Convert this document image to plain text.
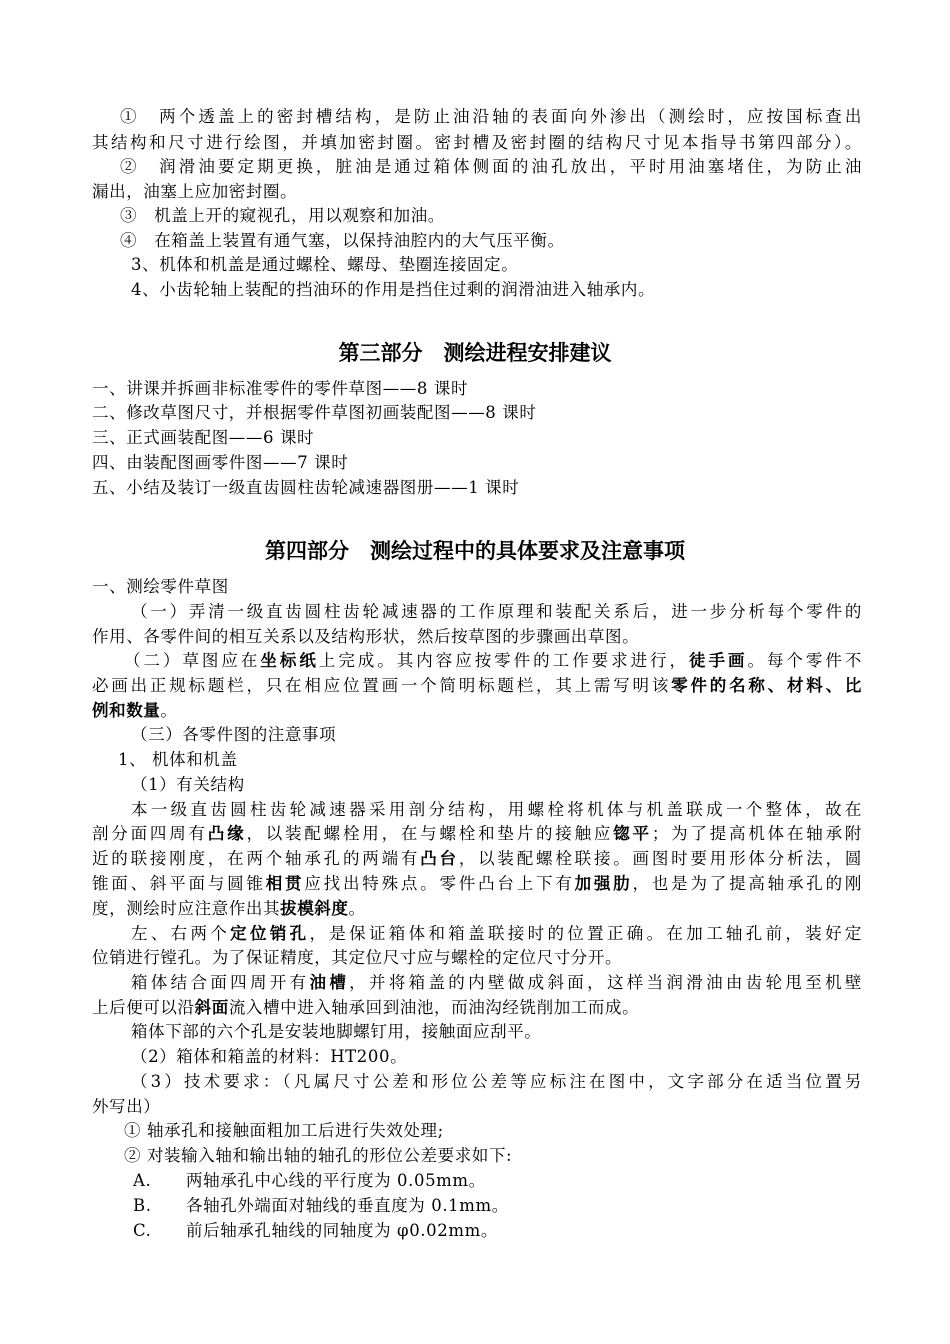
①　两个透盖上的密封槽结构，是防止油沿轴的表面向外渗出（测绘时，应按国标查出
其结构和尺寸进行绘图，并填加密封圈。密封槽及密封圈的结构尺寸见本指导书第四部分）。
②　润滑油要定期更换，脏油是通过箱体侧面的油孔放出，平时用油塞堵住，为防止油
漏出，油塞上应加密封圈。
③　机盖上开的窥视孔，用以观察和加油。
④　在箱盖上装置有通气塞，以保持油腔内的大气压平衡。
3、机体和机盖是通过螺栓、螺母、垫圈连接固定。
4、小齿轮轴上装配的挡油环的作用是挡住过剩的润滑油进入轴承内。
第三部分　测绘进程安排建议
一、讲课并拆画非标准零件的零件草图——8 课时
二、修改草图尺寸，并根据零件草图初画装配图——8 课时
三、正式画装配图——6 课时
四、由装配图画零件图——7 课时
五、小结及装订一级直齿圆柱齿轮减速器图册——1 课时
第四部分　测绘过程中的具体要求及注意事项
一、测绘零件草图
（一）弄清一级直齿圆柱齿轮减速器的工作原理和装配关系后，进一步分析每个零件的
作用、各零件间的相互关系以及结构形状，然后按草图的步骤画出草图。
（二）草图应在坐标纸上完成。其内容应按零件的工作要求进行，徒手画。每个零件不
必画出正规标题栏，只在相应位置画一个简明标题栏，其上需写明该零件的名称、材料、比
例和数量。
（三）各零件图的注意事项
1、 机体和机盖
（1）有关结构
本一级直齿圆柱齿轮减速器采用剖分结构，用螺栓将机体与机盖联成一个整体，故在
剖分面四周有凸缘，以装配螺栓用，在与螺栓和垫片的接触应锪平；为了提高机体在轴承附
近的联接刚度，在两个轴承孔的两端有凸台，以装配螺栓联接。画图时要用形体分析法，圆
锥面、斜平面与圆锥相贯应找出特殊点。零件凸台上下有加强肋，也是为了提高轴承孔的刚
度，测绘时应注意作出其拔模斜度。
左、右两个定位销孔，是保证箱体和箱盖联接时的位置正确。在加工轴孔前，装好定
位销进行镗孔。为了保证精度，其定位尺寸应与螺栓的定位尺寸分开。
箱体结合面四周开有油槽，并将箱盖的内壁做成斜面，这样当润滑油由齿轮甩至机壁
上后便可以沿斜面流入槽中进入轴承回到油池，而油沟经铣削加工而成。
箱体下部的六个孔是安装地脚螺钉用，接触面应刮平。
（2）箱体和箱盖的材料：HT200。
（3）技术要求：（凡属尺寸公差和形位公差等应标注在图中，文字部分在适当位置另
外写出）
① 轴承孔和接触面粗加工后进行失效处理;
② 对装输入轴和输出轴的轴孔的形位公差要求如下:
A. 两轴承孔中心线的平行度为 0.05mm。
B. 各轴孔外端面对轴线的垂直度为 0.1mm。
C. 前后轴承孔轴线的同轴度为 φ0.02mm。
